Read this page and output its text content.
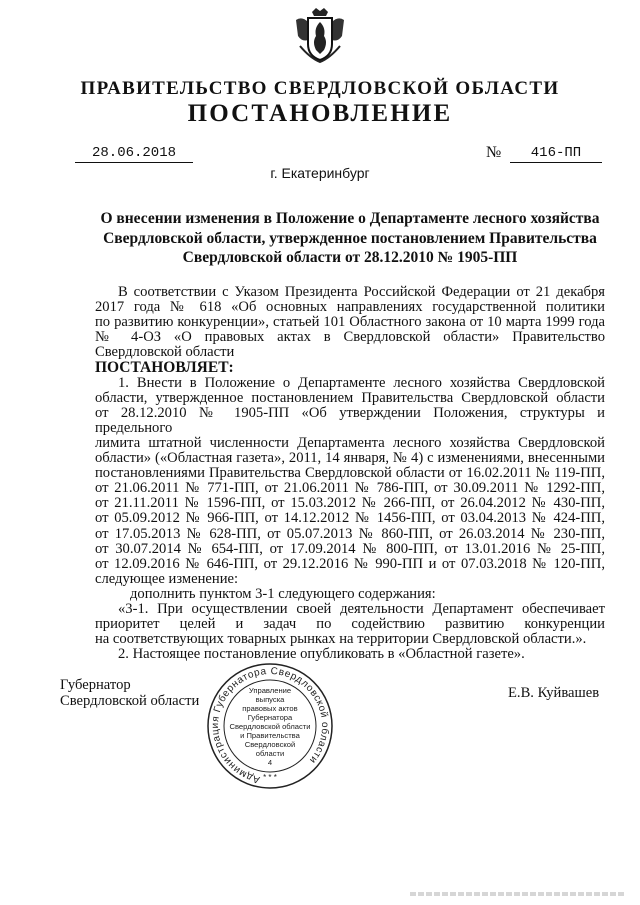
ПРАВИТЕЛЬСТВО СВЕРДЛОВСКОЙ ОБЛАСТИ
ПОСТАНОВЛЕНИЕ
28.06.2018	№	416-ПП
г. Екатеринбург
О внесении изменения в Положение о Департаменте лесного хозяйства
Свердловской области, утвержденное постановлением Правительства
Свердловской области от 28.12.2010 № 1905-ПП
В соответствии с Указом Президента Российской Федерации от 21 декабря
2017 года № 618 «Об основных направлениях государственной политики
по развитию конкуренции», статьей 101 Областного закона от 10 марта 1999 года
№ 4-ОЗ «О правовых актах в Свердловской области» Правительство
Свердловской области
ПОСТАНОВЛЯЕТ:
1. Внести в Положение о Департаменте лесного хозяйства Свердловской
области, утвержденное постановлением Правительства Свердловской области
от 28.12.2010 № 1905-ПП «Об утверждении Положения, структуры и предельного
лимита штатной численности Департамента лесного хозяйства Свердловской
области» («Областная газета», 2011, 14 января, № 4) с изменениями, внесенными
постановлениями Правительства Свердловской области от 16.02.2011 № 119-ПП,
от 21.06.2011 № 771-ПП, от 21.06.2011 № 786-ПП, от 30.09.2011 № 1292-ПП,
от 21.11.2011 № 1596-ПП, от 15.03.2012 № 266-ПП, от 26.04.2012 № 430-ПП,
от 05.09.2012 № 966-ПП, от 14.12.2012 № 1456-ПП, от 03.04.2013 № 424-ПП,
от 17.05.2013 № 628-ПП, от 05.07.2013 № 860-ПП, от 26.03.2014 № 230-ПП,
от 30.07.2014 № 654-ПП, от 17.09.2014 № 800-ПП, от 13.01.2016 № 25-ПП,
от 12.09.2016 № 646-ПП, от 29.12.2016 № 990-ПП и от 07.03.2018 № 120-ПП,
следующее изменение:
дополнить пунктом 3-1 следующего содержания:
«3-1. При осуществлении своей деятельности Департамент обеспечивает
приоритет целей и задач по содействию развитию конкуренции
на соответствующих товарных рынках на территории Свердловской области.».
2. Настоящее постановление опубликовать в «Областной газете».
Губернатор
Свердловской области	Е.В. Куйвашев
Администрация Губернатора Свердловской области
Управление
выпуска
правовых актов
Губернатора
Свердловской области
и Правительства
Свердловской
области
4
* * *
